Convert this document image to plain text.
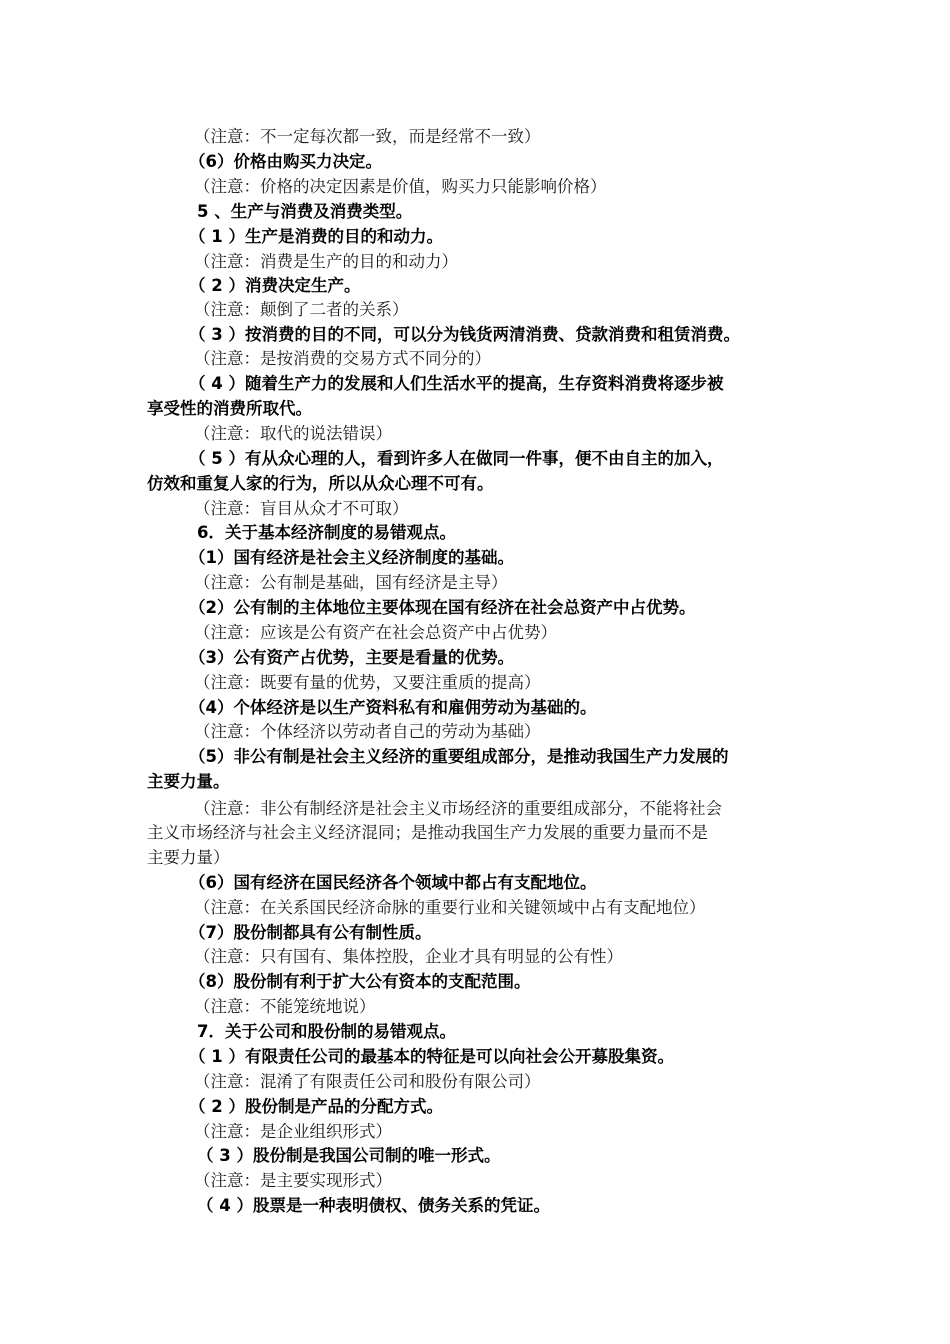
（注意：不一定每次都一致，而是经常不一致）
（6）价格由购买力决定。
（注意：价格的决定因素是价值，购买力只能影响价格）
5 、生产与消费及消费类型。
（ 1 ）生产是消费的目的和动力。
（注意：消费是生产的目的和动力）
（ 2 ）消费决定生产。
（注意：颠倒了二者的关系）
（ 3 ）按消费的目的不同，可以分为钱货两清消费、贷款消费和租赁消费。
（注意：是按消费的交易方式不同分的）
（ 4 ）随着生产力的发展和人们生活水平的提高，生存资料消费将逐步被
享受性的消费所取代。
（注意：取代的说法错误）
（ 5 ）有从众心理的人，看到许多人在做同一件事，便不由自主的加入，
仿效和重复人家的行为，所以从众心理不可有。
（注意：盲目从众才不可取）
6．关于基本经济制度的易错观点。
（1）国有经济是社会主义经济制度的基础。
（注意：公有制是基础，国有经济是主导）
（2）公有制的主体地位主要体现在国有经济在社会总资产中占优势。
（注意：应该是公有资产在社会总资产中占优势）
（3）公有资产占优势，主要是看量的优势。
（注意：既要有量的优势，又要注重质的提高）
（4）个体经济是以生产资料私有和雇佣劳动为基础的。
（注意：个体经济以劳动者自己的劳动为基础）
（5）非公有制是社会主义经济的重要组成部分，是推动我国生产力发展的
主要力量。
（注意：非公有制经济是社会主义市场经济的重要组成部分，不能将社会
主义市场经济与社会主义经济混同；是推动我国生产力发展的重要力量而不是
主要力量）
（6）国有经济在国民经济各个领域中都占有支配地位。
（注意：在关系国民经济命脉的重要行业和关键领域中占有支配地位）
（7）股份制都具有公有制性质。
（注意：只有国有、集体控股，企业才具有明显的公有性）
（8）股份制有利于扩大公有资本的支配范围。
（注意：不能笼统地说）
7．关于公司和股份制的易错观点。
（ 1 ）有限责任公司的最基本的特征是可以向社会公开募股集资。
（注意：混淆了有限责任公司和股份有限公司）
（ 2 ）股份制是产品的分配方式。
（注意：是企业组织形式）
（ 3 ）股份制是我国公司制的唯一形式。
（注意：是主要实现形式）
（ 4 ）股票是一种表明债权、债务关系的凭证。
